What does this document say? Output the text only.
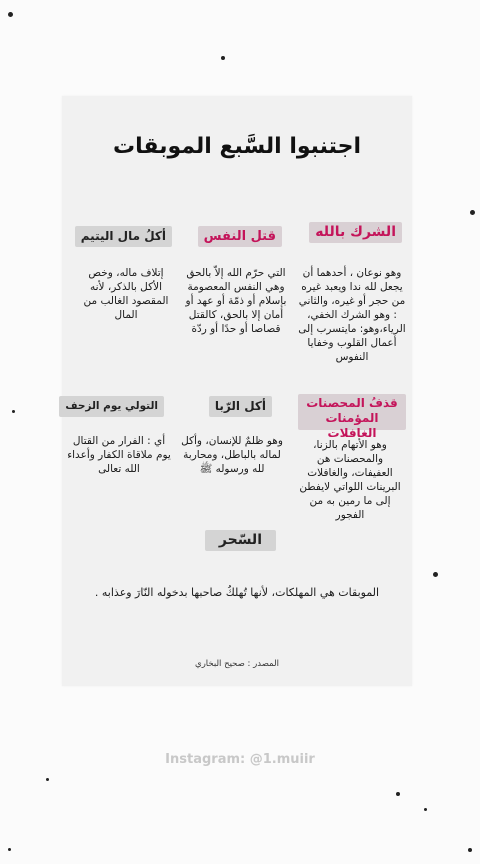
اجتنبوا السَّبع الموبقات
الشرك بالله
وهو نوعان ، أحدهما أن يجعل لله ندا ويعبد غيره من حجر أو غيره، والثاني : وهو الشرك الخفي، الرياء،وهو: مايتسرب إلى أعمال القلوب وخفايا النفوس
قتل النفس
التي حرّم الله إلاّ بالحق وهي النفس المعصومة بإسلام أو ذمّة أو عهد أو أمان إلا بالحق، كالقتل قصاصا أو حدًا أو ردّة
أكلُ مال اليتيم
إتلاف ماله، وخص الأكل بالذكر، لأنه المقصود الغالب من المال
قذفُ المحصنات المؤمنات الغافلات
وهو الأتهام بالزنا، والمحصنات هن العفيفات، والغافلات البرينات اللواتي لايفطن إلى ما رمين به من الفجور
أكل الرّبا
وهو ظلمٌ للإنسان، وأكل لماله بالباطل، ومحاربة لله ورسوله ﷺ
التولي يوم الزحف
أي : الفرار من القتال يوم ملاقاة الكفار وأعداء الله تعالى
السّحر
الموبقات هي المهلكات، لأنها تُهلكُ صاحبها بدخوله النّارَ وعذابه .
المصدر : صحيح البخاري
Instagram: @1.muiir
